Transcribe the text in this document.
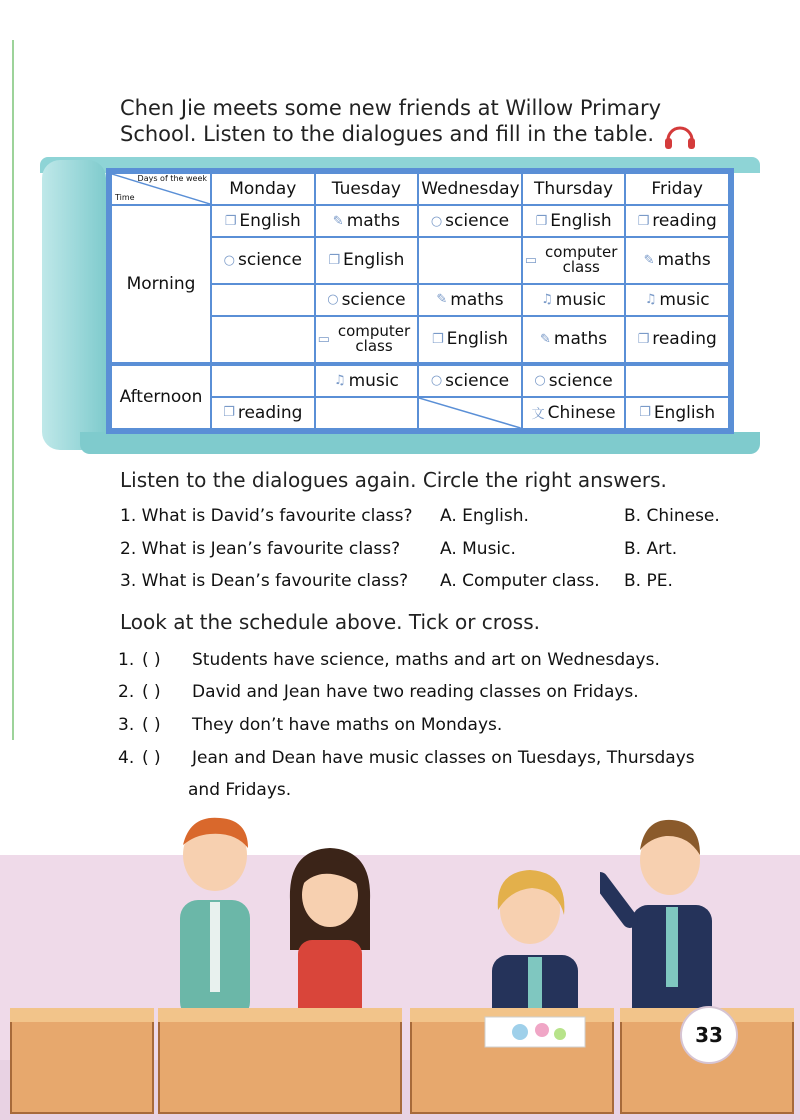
Chen Jie meets some new friends at Willow Primary
School. Listen to the dialogues and fill in the table.
Days of the week
Time	Monday	Tuesday	Wednesday	Thursday	Friday
Morning	❐ English	✎ maths	○ science	❐ English	❐ reading

	○ science	❐ English		▭ computer class	✎ maths

		○ science	✎ maths	♫ music	♫ music

		▭ computer class	❐ English	✎ maths	❐ reading

Afternoon		♫ music	○ science	○ science	

	❐ reading			文 Chinese	❐ English
Listen to the dialogues again. Circle the right answers.
1. What is David’s favourite class? A. English.	B. Chinese.
2. What is Jean’s favourite class? A. Music.	B. Art.
3. What is Dean’s favourite class? A. Computer class. B. PE.
Look at the schedule above. Tick or cross.
1. ( ) Students have science, maths and art on Wednesdays.
2. ( ) David and Jean have two reading classes on Fridays.
3. ( ) They don’t have maths on Mondays.
4. ( ) Jean and Dean have music classes on Tuesdays, Thursdays
and Fridays.
33
